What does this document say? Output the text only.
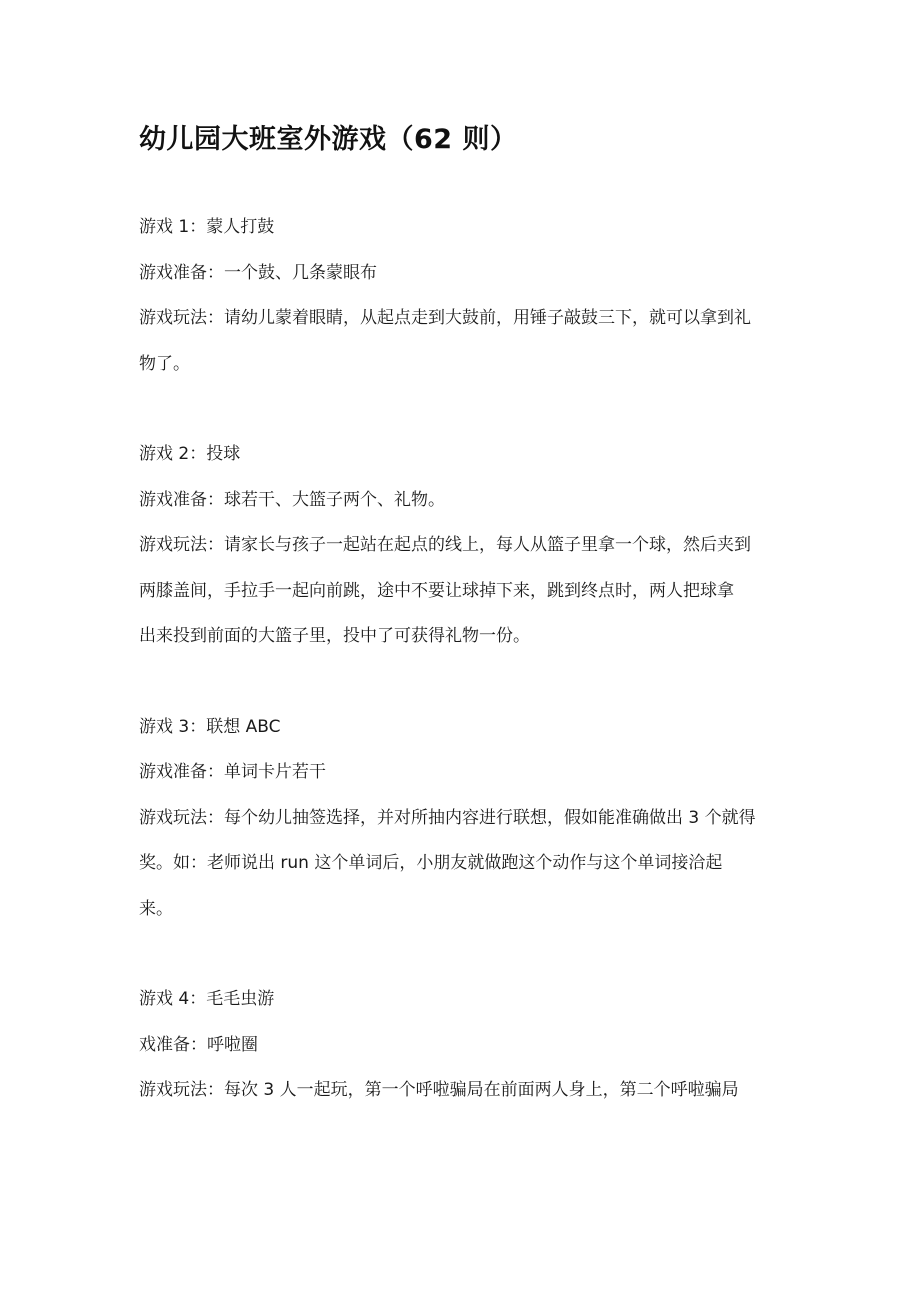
幼儿园大班室外游戏（62 则）

游戏 1：蒙人打鼓

游戏准备：一个鼓、几条蒙眼布

游戏玩法：请幼儿蒙着眼睛，从起点走到大鼓前，用锤子敲鼓三下，就可以拿到礼

物了。

游戏 2：投球

游戏准备：球若干、大篮子两个、礼物。

游戏玩法：请家长与孩子一起站在起点的线上，每人从篮子里拿一个球，然后夹到

两膝盖间，手拉手一起向前跳，途中不要让球掉下来，跳到终点时，两人把球拿

出来投到前面的大篮子里，投中了可获得礼物一份。

游戏 3：联想 ABC

游戏准备：单词卡片若干

游戏玩法：每个幼儿抽签选择，并对所抽内容进行联想，假如能准确做出 3 个就得

奖。如：老师说出 run 这个单词后，小朋友就做跑这个动作与这个单词接洽起

来。

游戏 4：毛毛虫游

戏准备：呼啦圈

游戏玩法：每次 3 人一起玩，第一个呼啦骗局在前面两人身上，第二个呼啦骗局
